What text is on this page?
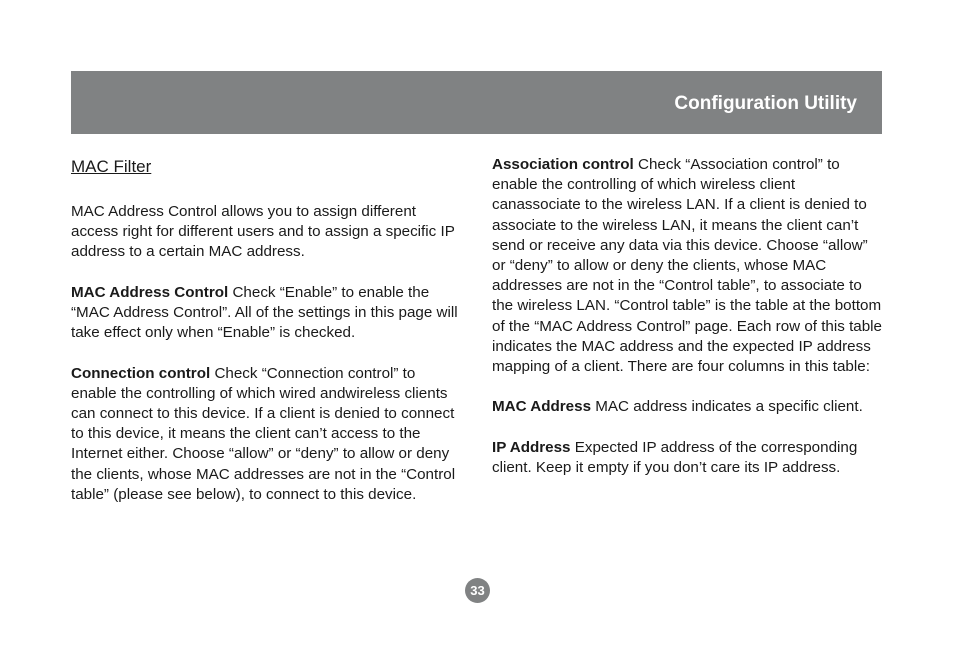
Configuration Utility
MAC Filter

MAC Address Control allows you to assign different access right for different users and to assign a specific IP address to a certain MAC address.

MAC Address Control Check “Enable” to enable the “MAC Address Control”. All of the settings in this page will take effect only when “Enable” is checked.

Connection control Check “Connection control” to enable the controlling of which wired andwireless clients can connect to this device. If a client is denied to connect to this device, it means the client can’t access to the Internet either. Choose “allow” or “deny” to allow or deny the clients, whose MAC addresses are not in the “Control table” (please see below), to connect to this device.

Association control Check “Association control” to enable the controlling of which wireless client canassociate to the wireless LAN. If a client is denied to associate to the wireless LAN, it means the client can’t send or receive any data via this device. Choose “allow” or “deny” to allow or deny the clients, whose MAC addresses are not in the “Control table”, to associate to the wireless LAN. “Control table” is the table at the bottom of the “MAC Address Control” page. Each row of this table indicates the MAC address and the expected IP address mapping of a client. There are four columns in this table:

MAC Address MAC address indicates a specific client.

IP Address Expected IP address of the corresponding client. Keep it empty if you don’t care its IP address.

33
